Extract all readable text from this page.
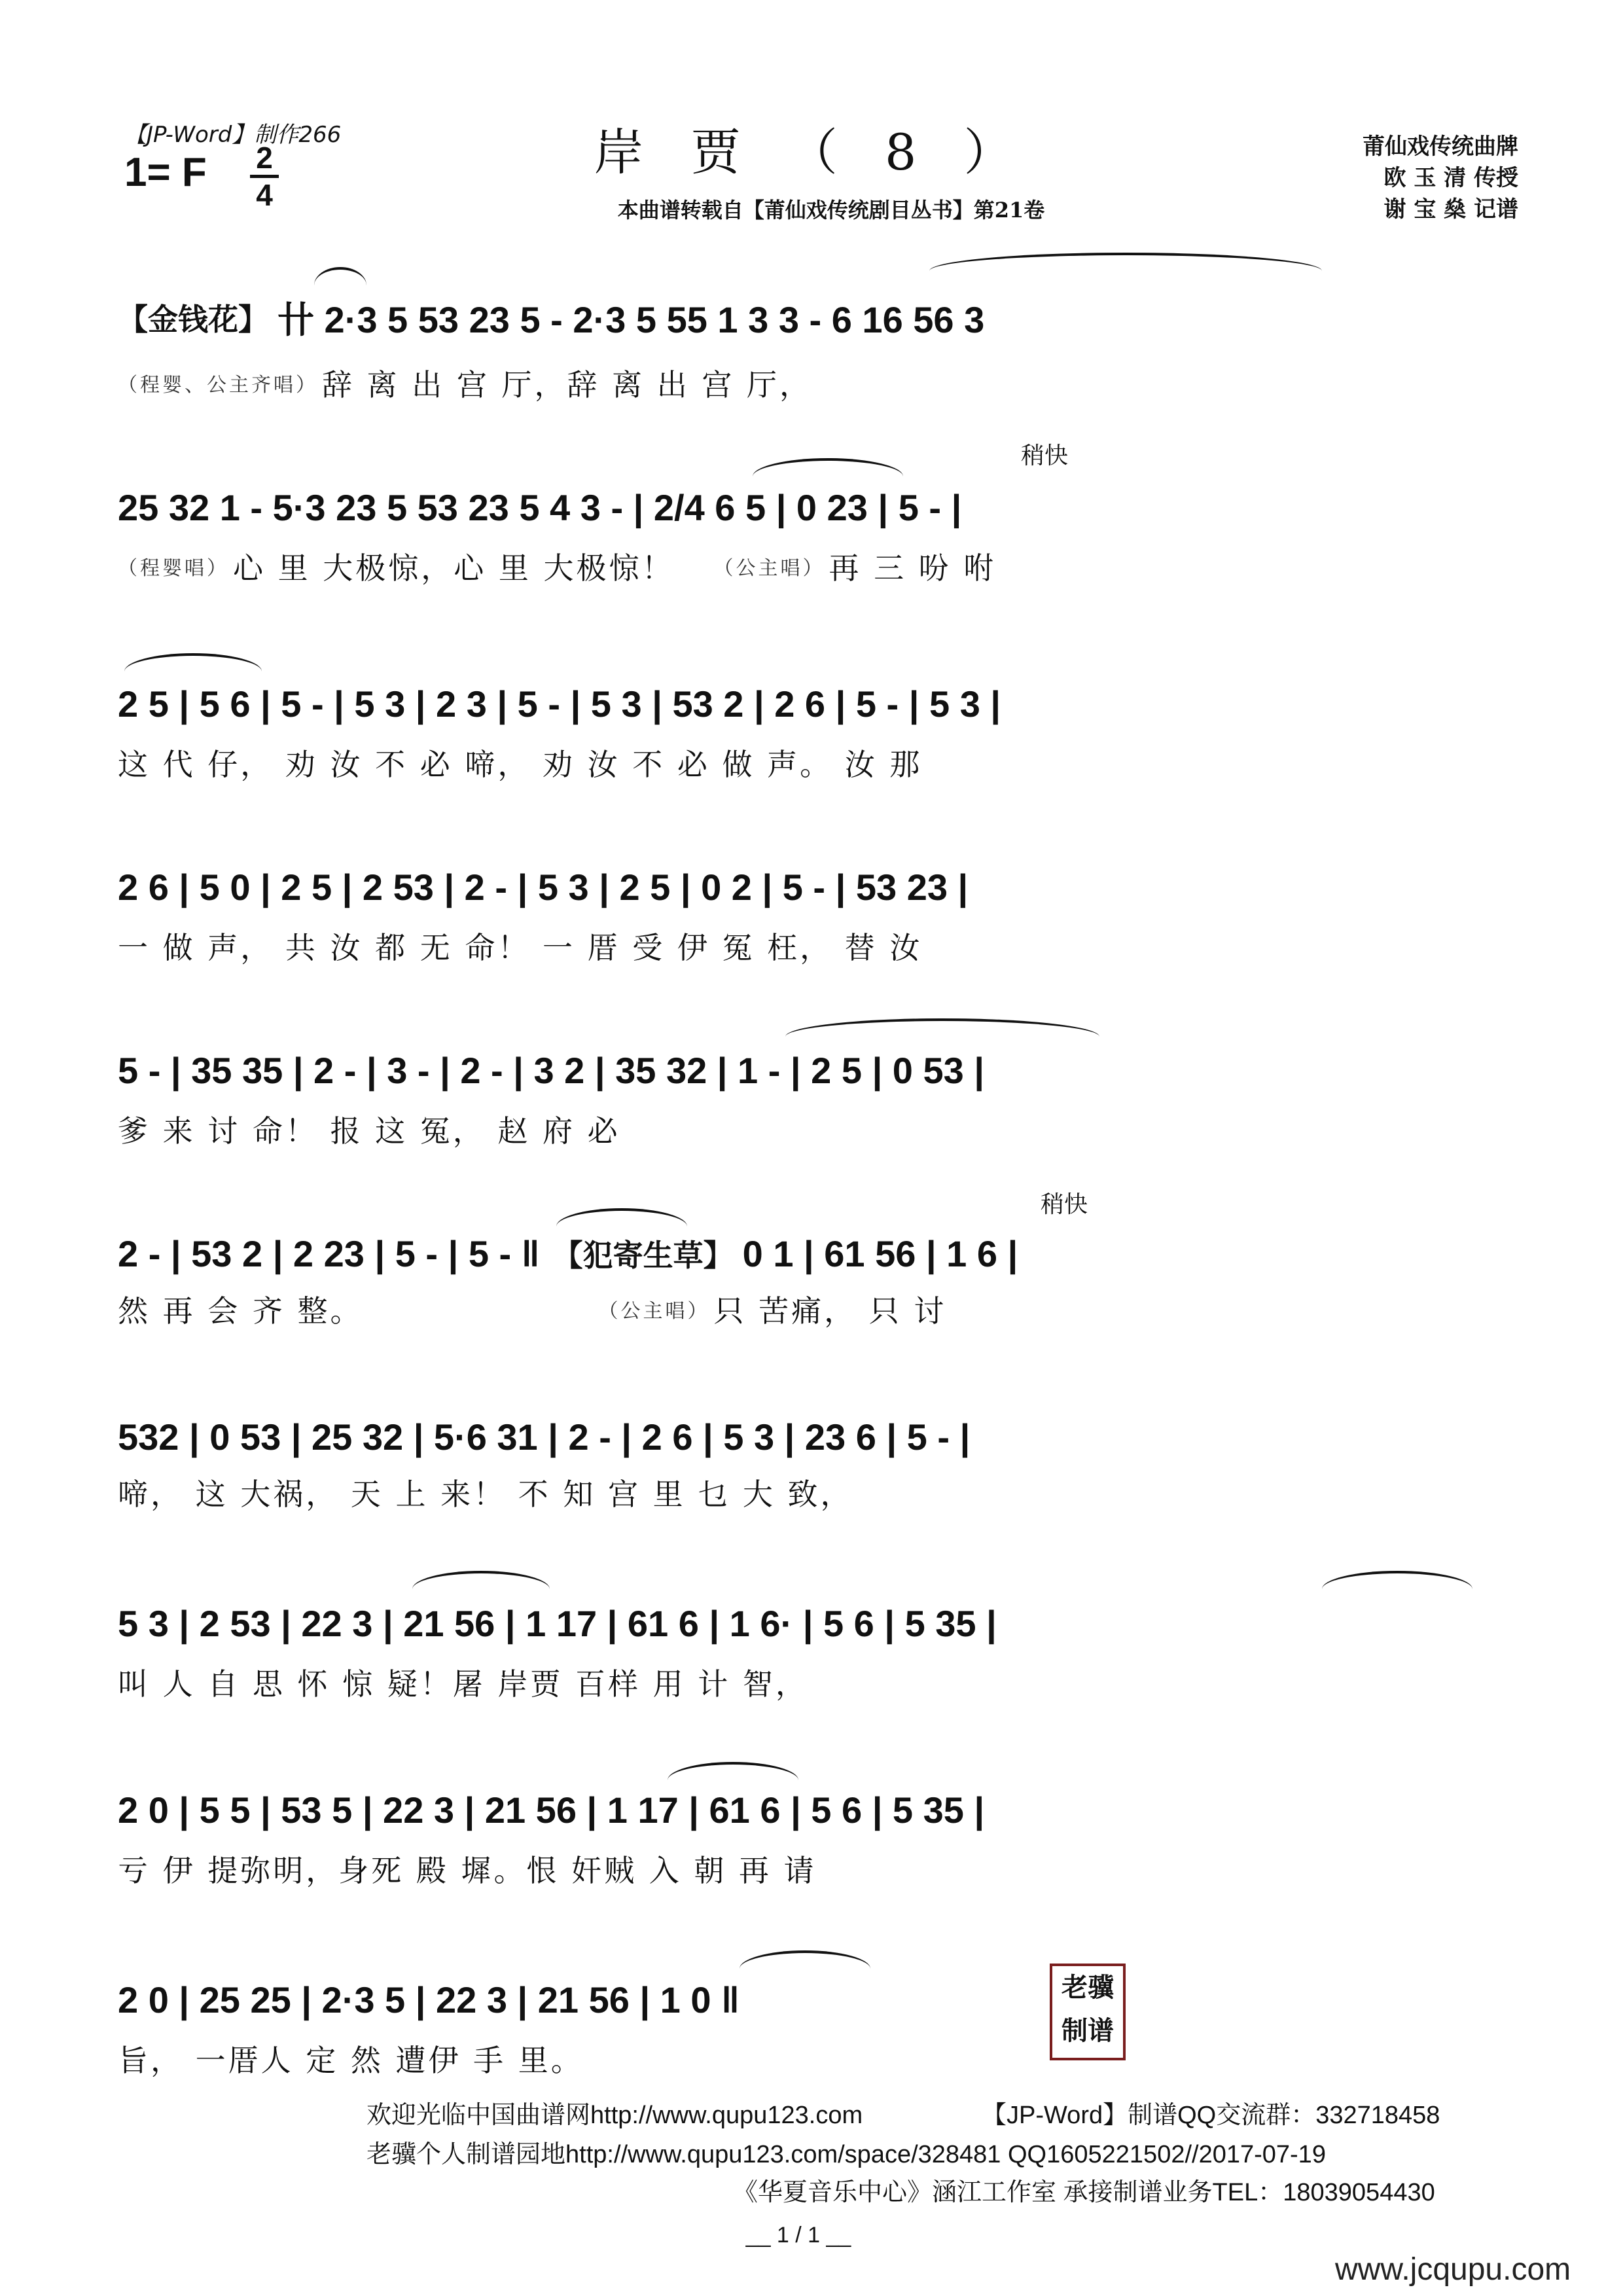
【JP-Word】制作266
1= F 2
4
岸 贾 （ 8 ）
本曲谱转载自【莆仙戏传统剧目丛书】第21卷
莆仙戏传统曲牌
欧 玉 清 传授
谢 宝 燊 记谱
【金钱花】 卄 2·3 5 53 23 5 - 2·3 5 55 1 3 3 - 6 16 56 3
（程婴、公主齐唱） 辞 离 出 宫 厅，辞 离 出 宫 厅，
稍快
25 32 1 - 5·3 23 5 53 23 5 4 3 - | 2/4 6 5 | 0 23 | 5 - |
（程婴唱） 心 里 大极惊，心 里 大极惊！ （公主唱） 再 三 吩 咐
2 5 | 5 6 | 5 - | 5 3 | 2 3 | 5 - | 5 3 | 53 2 | 2 6 | 5 - | 5 3 |
这 代 仔， 劝 汝 不 必 啼， 劝 汝 不 必 做 声。 汝 那
2 6 | 5 0 | 2 5 | 2 53 | 2 - | 5 3 | 2 5 | 0 2 | 5 - | 53 23 |
一 做 声， 共 汝 都 无 命！ 一 厝 受 伊 冤 枉， 替 汝
5 - | 35 35 | 2 - | 3 - | 2 - | 3 2 | 35 32 | 1 - | 2 5 | 0 53 |
爹 来 讨 命！ 报 这 冤， 赵 府 必
稍快
2 - | 53 2 | 2 23 | 5 - | 5 - ‖ 【犯寄生草】 0 1 | 61 56 | 1 6 |
然 再 会 齐 整。	（公主唱） 只 苦痛， 只 讨
532 | 0 53 | 25 32 | 5·6 31 | 2 - | 2 6 | 5 3 | 23 6 | 5 - |
啼， 这 大祸， 天 上 来！ 不 知 宫 里 乜 大 致，
5 3 | 2 53 | 22 3 | 21 56 | 1 17 | 61 6 | 1 6· | 5 6 | 5 35 |
叫 人 自 思 怀 惊 疑！屠 岸贾 百样 用 计 智，
2 0 | 5 5 | 53 5 | 22 3 | 21 56 | 1 17 | 61 6 | 5 6 | 5 35 |
亏 伊 提弥明，身死 殿 墀。恨 奸贼 入 朝 再 请
2 0 | 25 25 | 2·3 5 | 22 3 | 21 56 | 1 0 ‖
旨， 一厝人 定 然 遭伊 手 里。
老骥
制谱
欢迎光临中国曲谱网http://www.qupu123.com	【JP-Word】制谱QQ交流群：332718458
老骥个人制谱园地http://www.qupu123.com/space/328481 QQ1605221502//2017-07-19
《华夏音乐中心》涵江工作室 承接制谱业务TEL：18039054430
__ 1 / 1 __
www.jcqupu.com
